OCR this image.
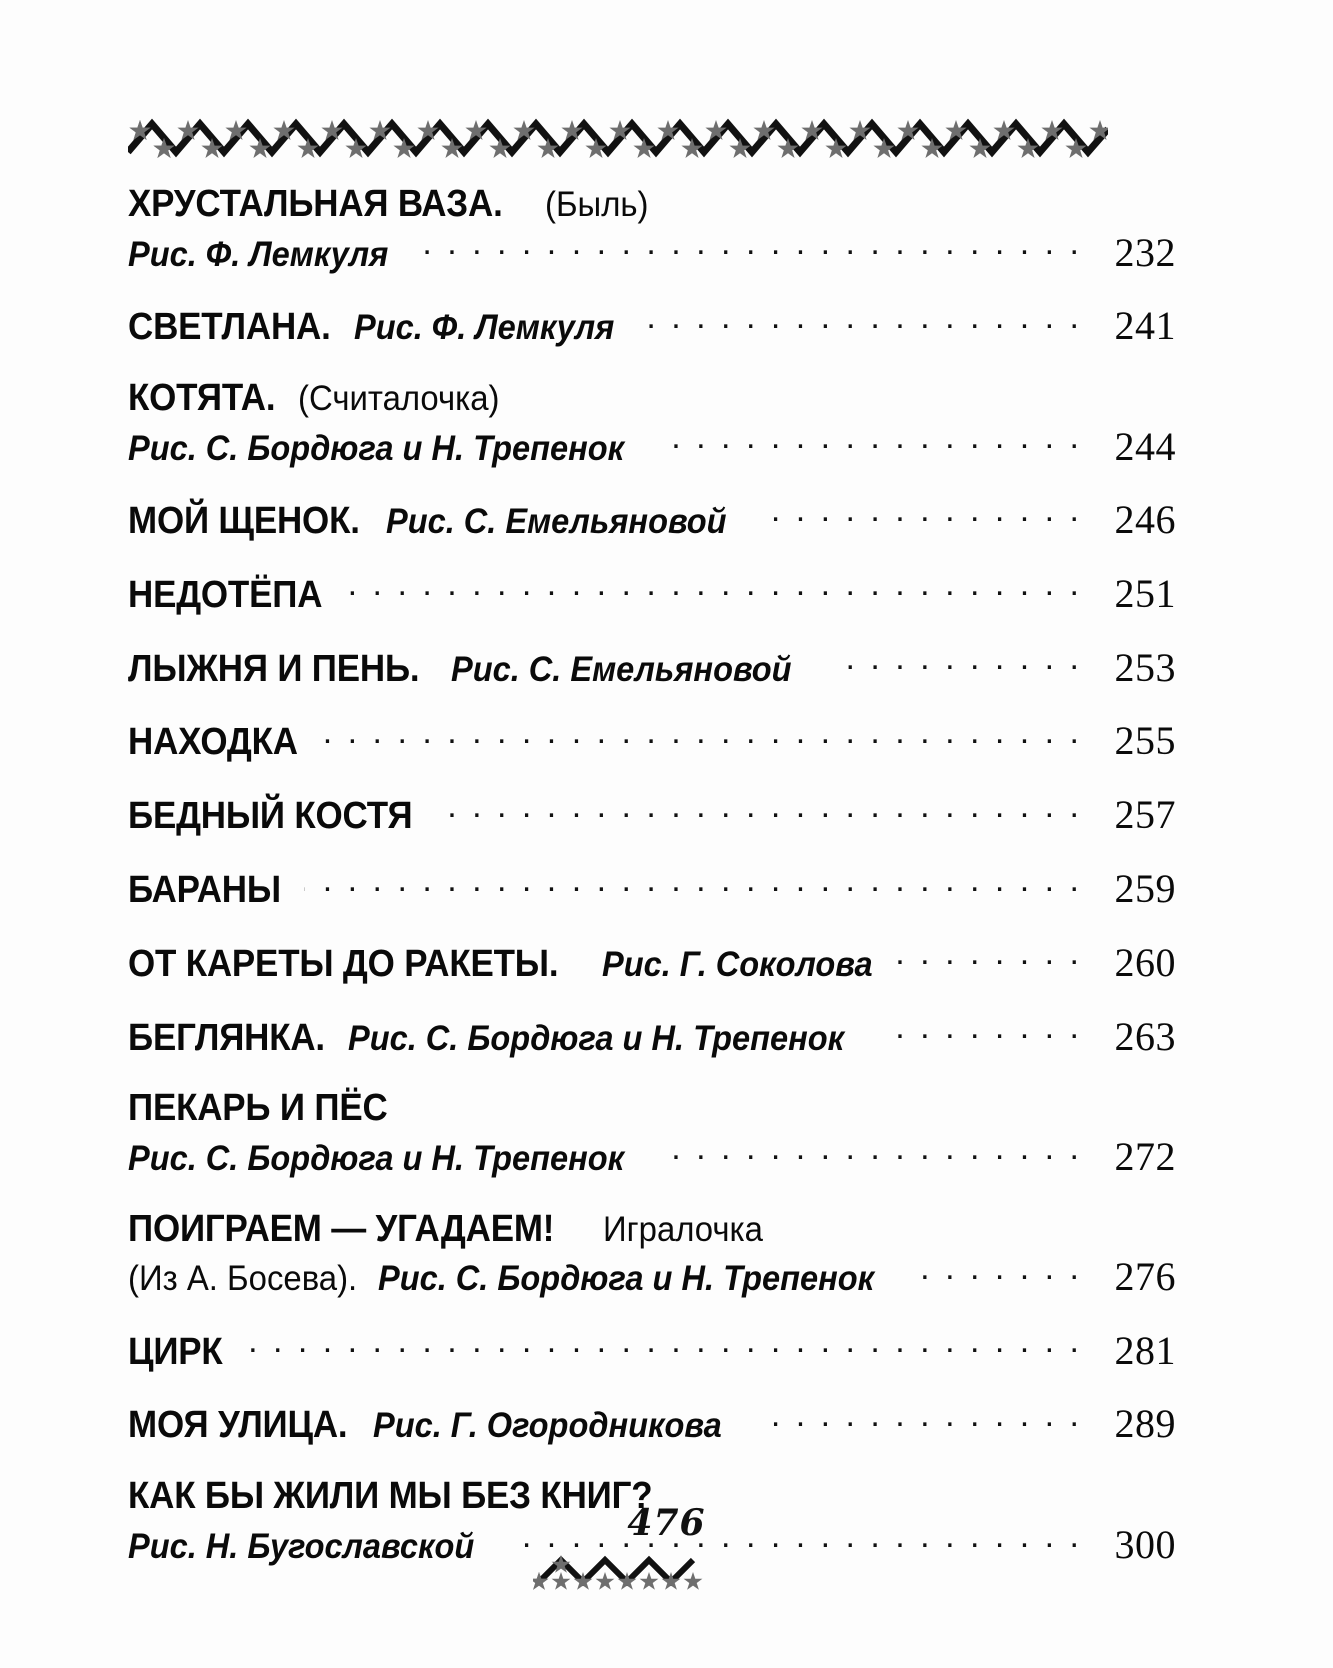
ХРУСТАЛЬНАЯ ВАЗА. (Быль)
Рис. Ф. Лемкуля . . .	232
СВЕТЛАНА. Рис. Ф. Лемкуля . . .	241
КОТЯТА. (Считалочка)
Рис. С. Бордюга и Н. Трепенок . . .	244
МОЙ ЩЕНОК. Рис. С. Емельяновой . . .	246
НЕДОТЁПА . . .	251
ЛЫЖНЯ И ПЕНЬ. Рис. С. Емельяновой . . .	253
НАХОДКА . . .	255
БЕДНЫЙ КОСТЯ . . .	257
БАРАНЫ . . .	259
ОТ КАРЕТЫ ДО РАКЕТЫ. Рис. Г. Соколова . . .	260
БЕГЛЯНКА. Рис. С. Бордюга и Н. Трепенок . . .	263
ПЕКАРЬ И ПЁС
Рис. С. Бордюга и Н. Трепенок . . .	272
ПОИГРАЕМ — УГАДАЕМ! Игралочка
(Из А. Босева). Рис. С. Бордюга и Н. Трепенок . . .	276
ЦИРК . . .	281
МОЯ УЛИЦА. Рис. Г. Огородникова . . .	289
КАК БЫ ЖИЛИ МЫ БЕЗ КНИГ?
Рис. Н. Бугославской . . .	300
476
